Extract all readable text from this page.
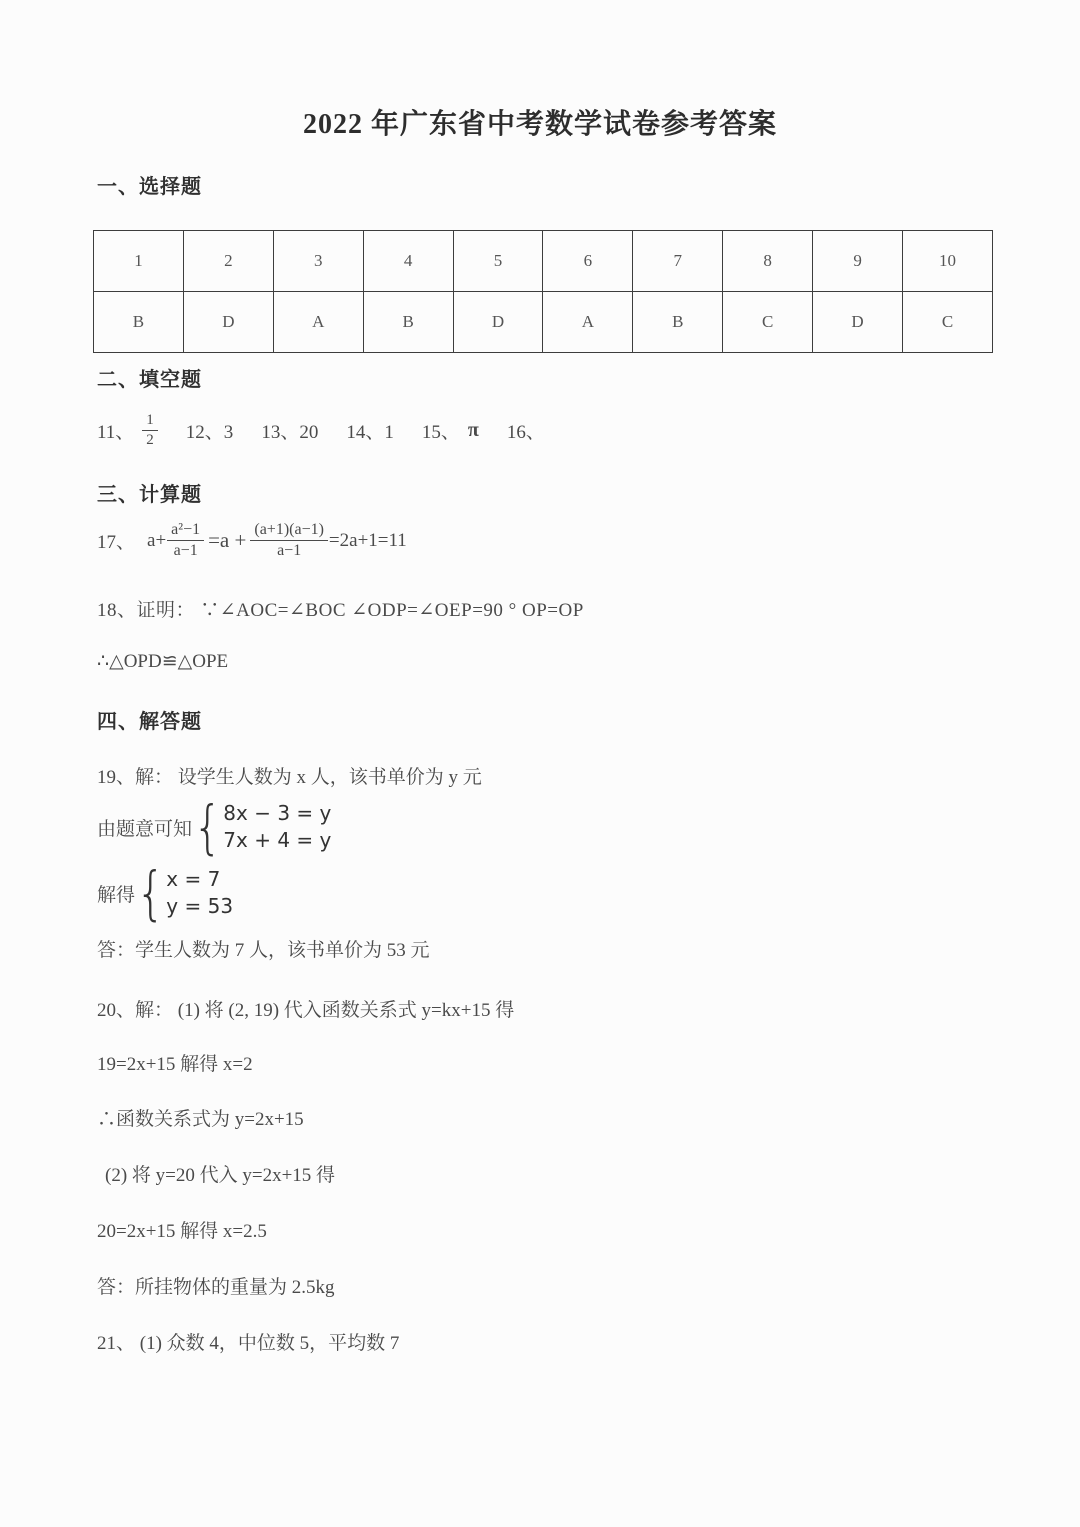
2022 年广东省中考数学试卷参考答案
一、选择题
1	2	3	4	5	6	7	8	9	10
B	D	A	B	D	A	B	C	D	C
二、填空题
11、 $\frac{1}{2} 12$、3 13、20 14、1 15、 π 16、
三、计算题
17、 $a+ \frac{\text{a²−1}}{a-1} =a + \frac{(a+1)(a-1)}{a-1} =2a+1=11$
18、证明： ∵∠AOC=∠BOC ∠ODP=∠OEP=90 ° OP=OP
∴△OPD≌△OPE
四、解答题
19、解： 设学生人数为 x 人，该书单价为 y 元
由题意可知 { 8x − 3 = y
7x + 4 = y
解得 { x = 7
y = 53
答：学生人数为 7 人，该书单价为 53 元
20、解： (1) 将 (2, 19) 代入函数关系式 y=kx+15 得
19=2x+15 解得 x=2
∴函数关系式为 y=2x+15
(2) 将 y=20 代入 y=2x+15 得
20=2x+15 解得 x=2.5
答：所挂物体的重量为 2.5kg
21、 (1) 众数 4，中位数 5，平均数 7
